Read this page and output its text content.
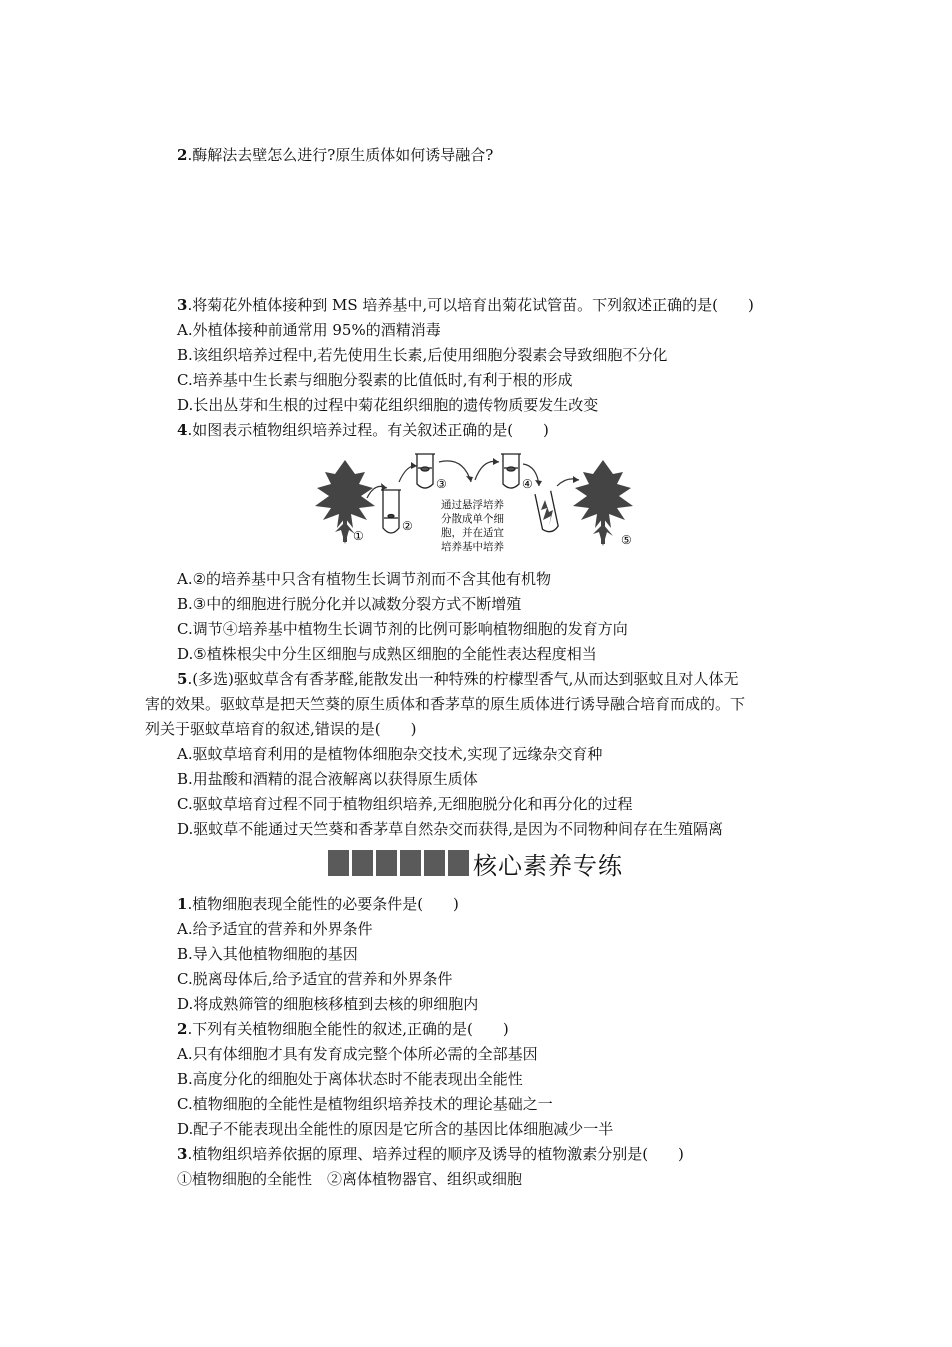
2.酶解法去壁怎么进行?原生质体如何诱导融合?
3.将菊花外植体接种到 MS 培养基中,可以培育出菊花试管苗。下列叙述正确的是(　　)
A.外植体接种前通常用 95%的酒精消毒
B.该组织培养过程中,若先使用生长素,后使用细胞分裂素会导致细胞不分化
C.培养基中生长素与细胞分裂素的比值低时,有利于根的形成
D.长出丛芽和生根的过程中菊花组织细胞的遗传物质要发生改变
4.如图表示植物组织培养过程。有关叙述正确的是(　　)
①
②
③	④
⑤
通过悬浮培养
分散成单个细
胞，并在适宜
培养基中培养
A.②的培养基中只含有植物生长调节剂而不含其他有机物
B.③中的细胞进行脱分化并以减数分裂方式不断增殖
C.调节④培养基中植物生长调节剂的比例可影响植物细胞的发育方向
D.⑤植株根尖中分生区细胞与成熟区细胞的全能性表达程度相当
5.(多选)驱蚊草含有香茅醛,能散发出一种特殊的柠檬型香气,从而达到驱蚊且对人体无
害的效果。驱蚊草是把天竺葵的原生质体和香茅草的原生质体进行诱导融合培育而成的。下
列关于驱蚊草培育的叙述,错误的是(　　)
A.驱蚊草培育利用的是植物体细胞杂交技术,实现了远缘杂交育种
B.用盐酸和酒精的混合液解离以获得原生质体
C.驱蚊草培育过程不同于植物组织培养,无细胞脱分化和再分化的过程
D.驱蚊草不能通过天竺葵和香茅草自然杂交而获得,是因为不同物种间存在生殖隔离
核心素养专练
1.植物细胞表现全能性的必要条件是(　　)
A.给予适宜的营养和外界条件
B.导入其他植物细胞的基因
C.脱离母体后,给予适宜的营养和外界条件
D.将成熟筛管的细胞核移植到去核的卵细胞内
2.下列有关植物细胞全能性的叙述,正确的是(　　)
A.只有体细胞才具有发育成完整个体所必需的全部基因
B.高度分化的细胞处于离体状态时不能表现出全能性
C.植物细胞的全能性是植物组织培养技术的理论基础之一
D.配子不能表现出全能性的原因是它所含的基因比体细胞减少一半
3.植物组织培养依据的原理、培养过程的顺序及诱导的植物激素分别是(　　)
①植物细胞的全能性　②离体植物器官、组织或细胞
